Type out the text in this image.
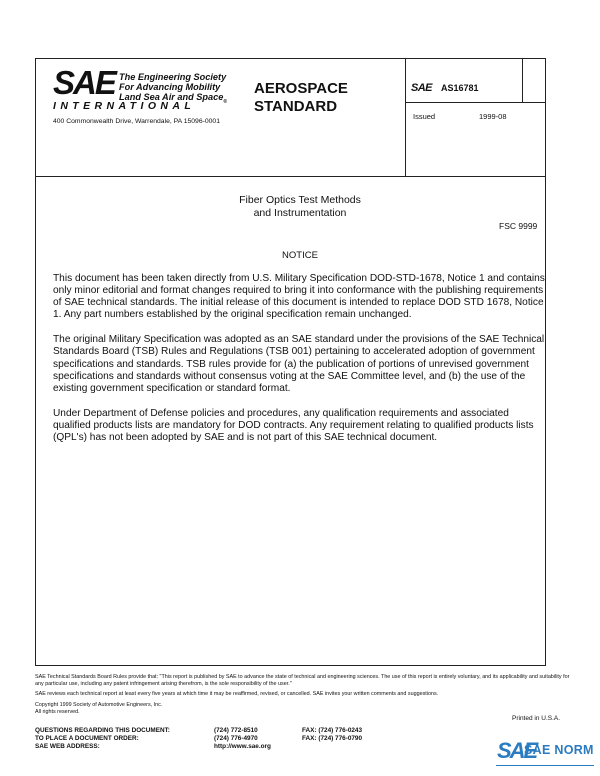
SAE The Engineering Society
For Advancing Mobility
Land Sea Air and Space$_®$
INTERNATIONAL
400 Commonwealth Drive, Warrendale, PA 15096-0001
AEROSPACE
STANDARD
SAE AS16781
Issued	1999-08
Fiber Optics Test Methods
and Instrumentation
FSC 9999
NOTICE

This document has been taken directly from U.S. Military Specification DOD-STD-1678, Notice 1 and contains only minor editorial and format changes required to bring it into conformance with the publishing requirements of SAE technical standards. The initial release of this document is intended to replace DOD STD 1678, Notice 1. Any part numbers established by the original specification remain unchanged.

The original Military Specification was adopted as an SAE standard under the provisions of the SAE Technical Standards Board (TSB) Rules and Regulations (TSB 001) pertaining to accelerated adoption of government specifications and standards. TSB rules provide for (a) the publication of portions of unrevised government specifications and standards without consensus voting at the SAE Committee level, and (b) the use of the existing government specification or standard format.

Under Department of Defense policies and procedures, any qualification requirements and associated qualified products lists are mandatory for DOD contracts. Any requirement relating to qualified products lists (QPL's) has not been adopted by SAE and is not part of this SAE technical document.

SAE Technical Standards Board Rules provide that: "This report is published by SAE to advance the state of technical and engineering sciences. The use of this report is entirely voluntary, and its applicability and suitability for any particular use, including any patent infringement arising therefrom, is the sole responsibility of the user."

SAE reviews each technical report at least every five years at which time it may be reaffirmed, revised, or cancelled. SAE invites your written comments and suggestions.

Copyright 1999 Society of Automotive Engineers, Inc.

All rights reserved.

Printed in U.S.A.
QUESTIONS REGARDING THIS DOCUMENT:
TO PLACE A DOCUMENT ORDER:
SAE WEB ADDRESS:
(724) 772-8510
(724) 776-4970
http://www.sae.org
FAX: (724) 776-0243
FAX: (724) 776-0790	SAE
SAE NORM
